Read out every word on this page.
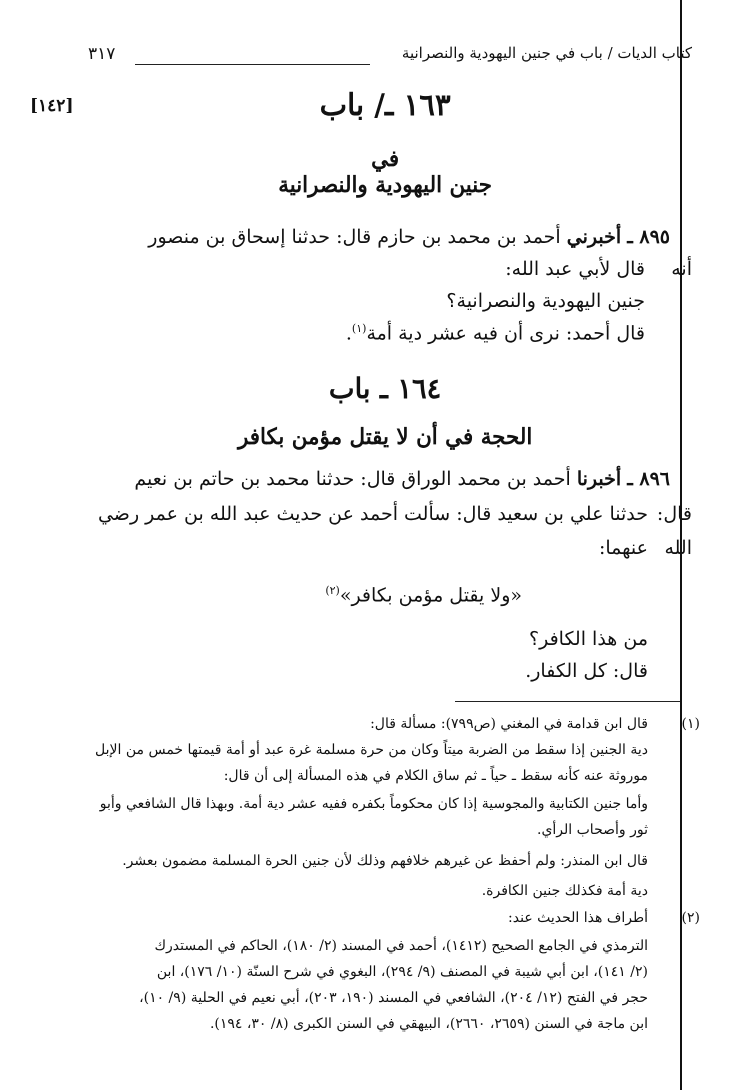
كتاب الديات / باب في جنين اليهودية والنصرانية
٣١٧
[١٤٢]	١٦٣ ـ/ باب
في
جنين اليهودية والنصرانية
٨٩٥ ـ أخبرني أحمد بن محمد بن حازم قال: حدثنا إسحاق بن منصور
أنه
قال لأبي عبد الله:
جنين اليهودية والنصرانية؟
قال أحمد: نرى أن فيه عشر دية أمة$^{(١)}$.
١٦٤ ـ باب
الحجة في أن لا يقتل مؤمن بكافر
٨٩٦ ـ أخبرنا أحمد بن محمد الوراق قال: حدثنا محمد بن حاتم بن نعيم
قال:
حدثنا علي بن سعيد قال: سألت أحمد عن حديث عبد الله بن عمر رضي
الله
عنهما:
«ولا يقتل مؤمن بكافر»$^{(٢)}$
من هذا الكافر؟
قال: كل الكفار.
(١)
قال ابن قدامة في المغني (ص٧٩٩): مسألة قال:
دية الجنين إذا سقط من الضربة ميتاً وكان من حرة مسلمة غرة عبد أو أمة قيمتها خمس من الإبل
موروثة عنه كأنه سقط ـ حياً ـ ثم ساق الكلام في هذه المسألة إلى أن قال:
وأما جنين الكتابية والمجوسية إذا كان محكوماً بكفره ففيه عشر دية أمة. وبهذا قال الشافعي وأبو
ثور وأصحاب الرأي.
قال ابن المنذر: ولم أحفظ عن غيرهم خلافهم وذلك لأن جنين الحرة المسلمة مضمون بعشر.
دية أمة فكذلك جنين الكافرة.
(٢)
أطراف هذا الحديث عند:
الترمذي في الجامع الصحيح (١٤١٢)، أحمد في المسند (٢/ ١٨٠)، الحاكم في المستدرك
(٢/ ١٤١)، ابن أبي شيبة في المصنف (٩/ ٢٩٤)، البغوي في شرح السنّة (١٠/ ١٧٦)، ابن
حجر في الفتح (١٢/ ٢٠٤)، الشافعي في المسند (١٩٠، ٢٠٣)، أبي نعيم في الحلية (٩/ ١٠)،
ابن ماجة في السنن (٢٦٥٩، ٢٦٦٠)، البيهقي في السنن الكبرى (٨/ ٣٠، ١٩٤).
